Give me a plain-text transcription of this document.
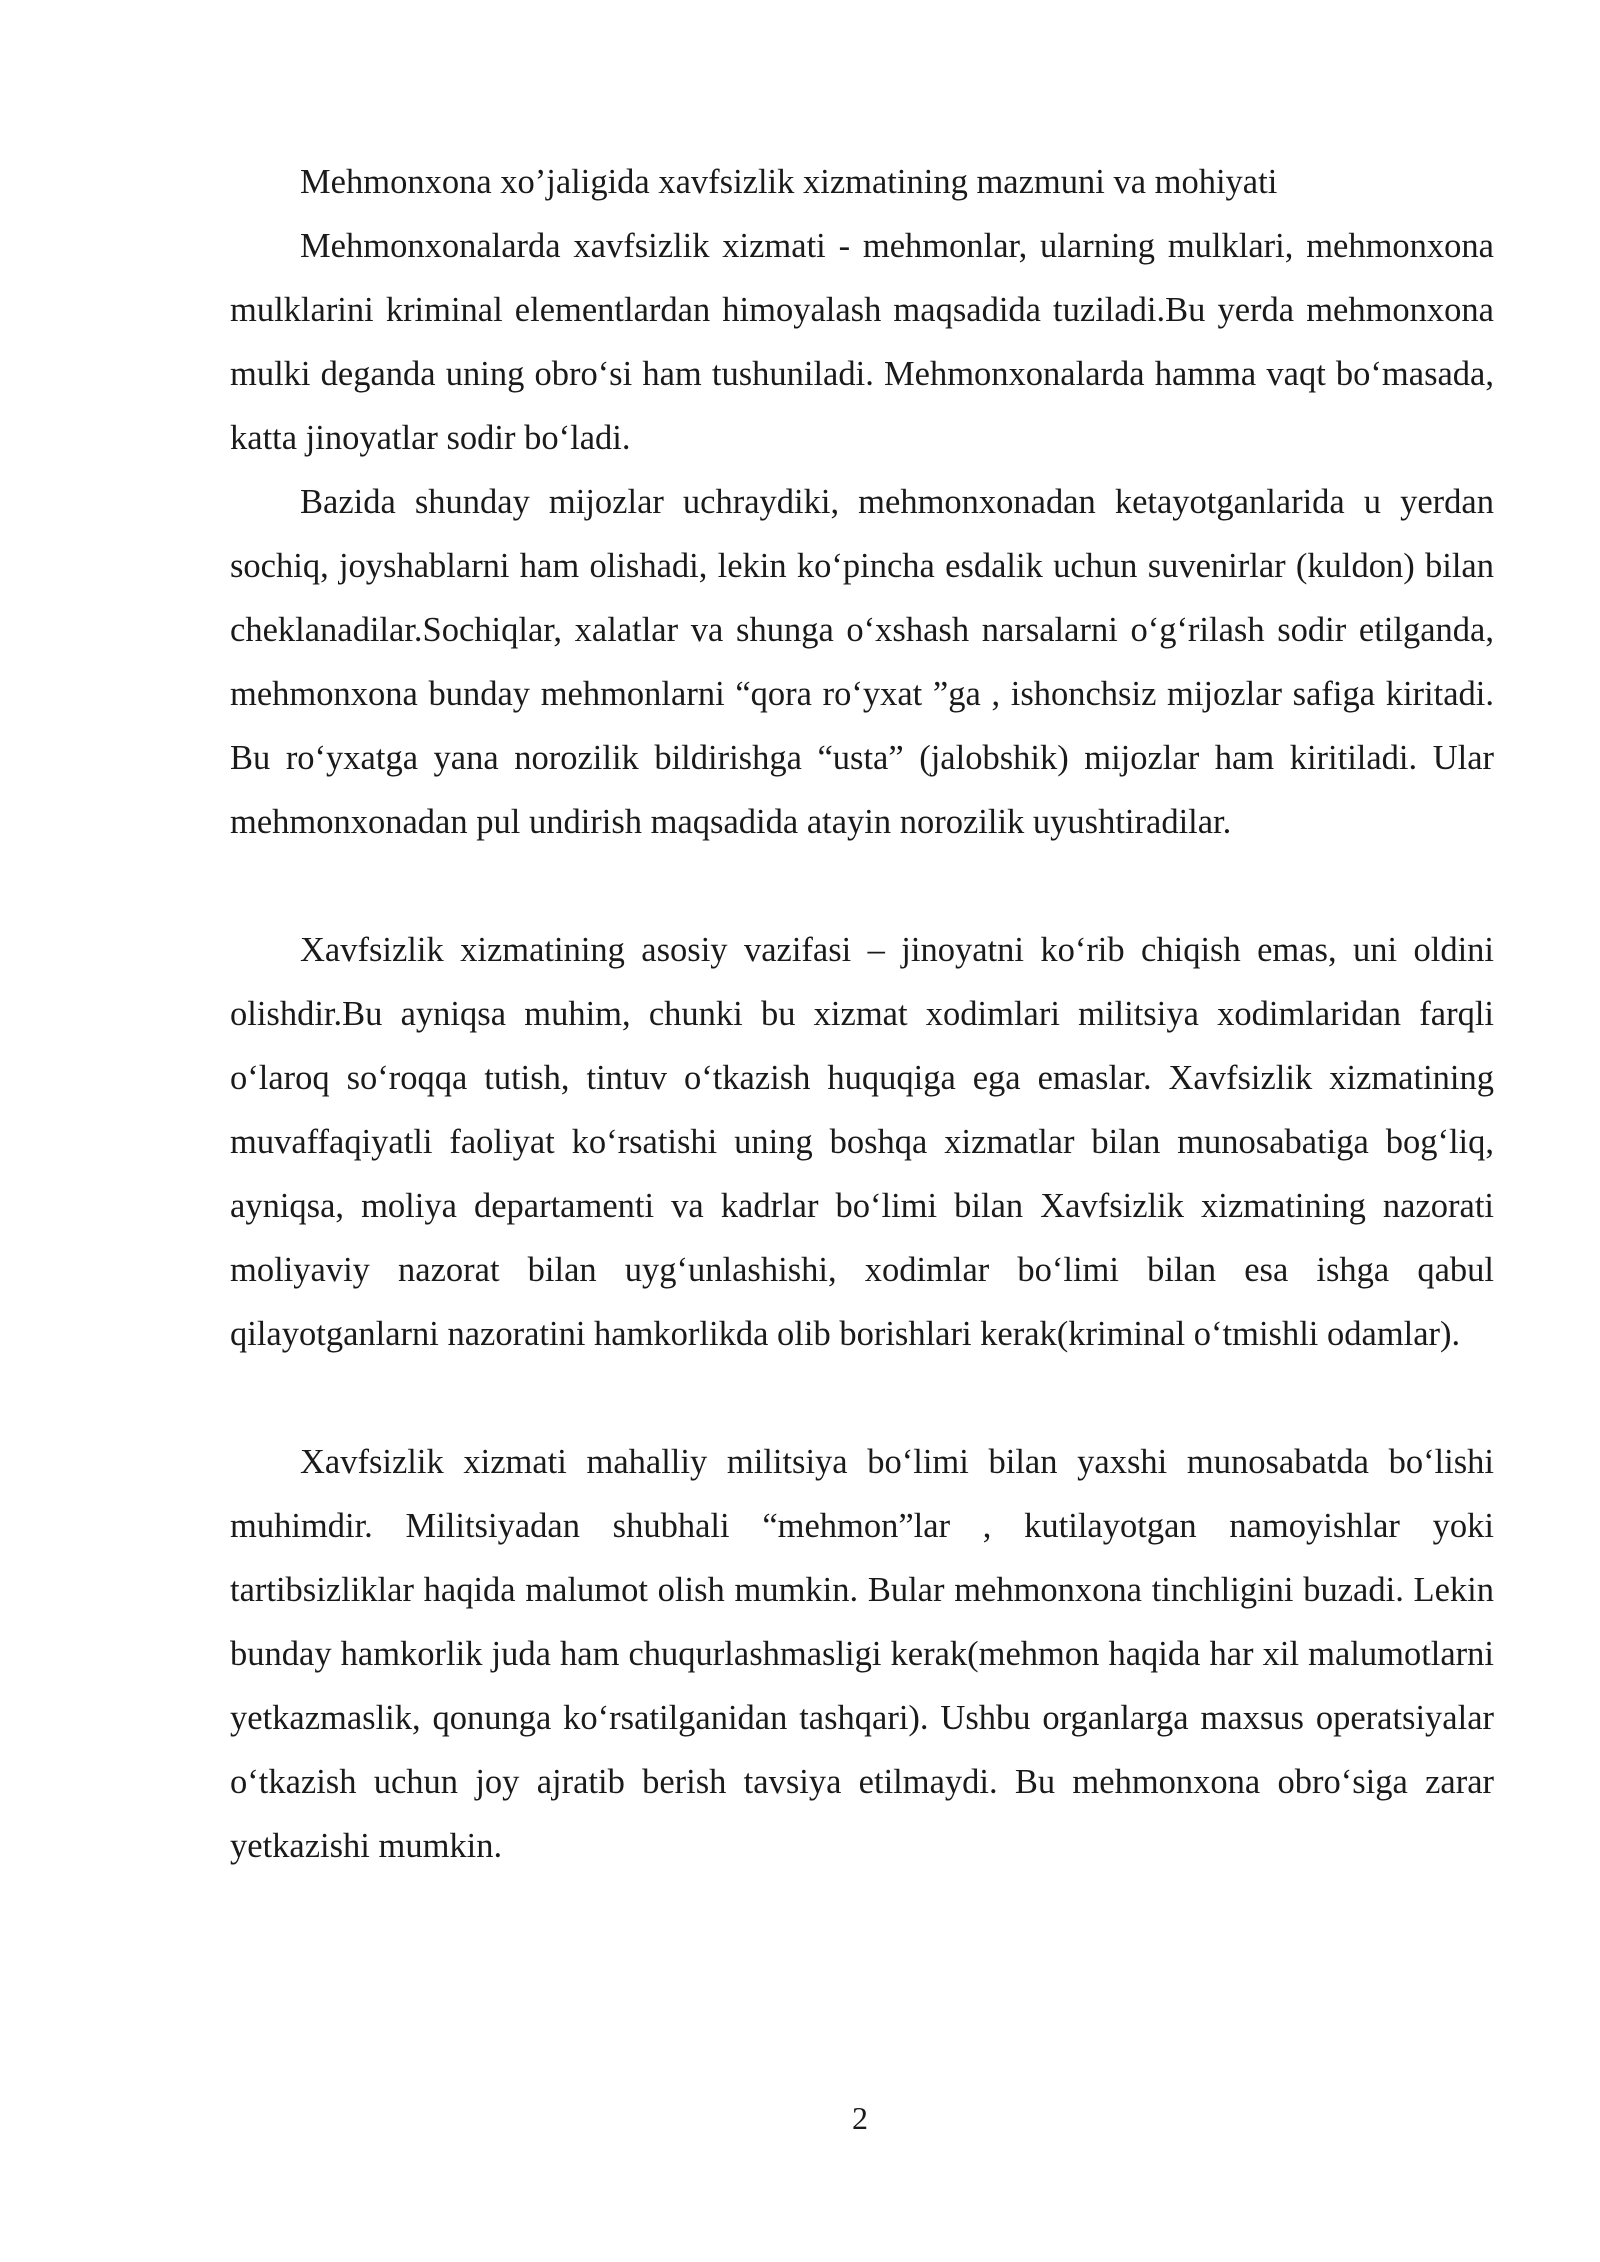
Mehmonxona xo’jaligida xavfsizlik xizmatining mazmuni va mohiyati

Mehmonxonalarda xavfsizlik xizmati - mehmonlar, ularning mulklari, mehmonxona mulklarini kriminal elementlardan himoyalash maqsadida tuziladi.Bu yerda mehmonxona mulki deganda uning obro‘si ham tushuniladi. Mehmonxonalarda hamma vaqt bo‘masada, katta jinoyatlar sodir bo‘ladi.

Bazida shunday mijozlar uchraydiki, mehmonxonadan ketayotganlarida u yerdan sochiq, joyshablarni ham olishadi, lekin ko‘pincha esdalik uchun suvenirlar (kuldon) bilan cheklanadilar.Sochiqlar, xalatlar va shunga o‘xshash narsalarni o‘g‘rilash sodir etilganda, mehmonxona bunday mehmonlarni “qora ro‘yxat ”ga , ishonchsiz mijozlar safiga kiritadi. Bu ro‘yxatga yana norozilik bildirishga “usta” (jalobshik) mijozlar ham kiritiladi. Ular mehmonxonadan pul undirish maqsadida atayin norozilik uyushtiradilar.

Xavfsizlik xizmatining asosiy vazifasi – jinoyatni ko‘rib chiqish emas, uni oldini olishdir.Bu ayniqsa muhim, chunki bu xizmat xodimlari militsiya xodimlaridan farqli o‘laroq so‘roqqa tutish, tintuv o‘tkazish huquqiga ega emaslar. Xavfsizlik xizmatining muvaffaqiyatli faoliyat ko‘rsatishi uning boshqa xizmatlar bilan munosabatiga bog‘liq, ayniqsa, moliya departamenti va kadrlar bo‘limi bilan Xavfsizlik xizmatining nazorati moliyaviy nazorat bilan uyg‘unlashishi, xodimlar bo‘limi bilan esa ishga qabul qilayotganlarni nazoratini hamkorlikda olib borishlari kerak(kriminal o‘tmishli odamlar).

Xavfsizlik xizmati mahalliy militsiya bo‘limi bilan yaxshi munosabatda bo‘lishi muhimdir. Militsiyadan shubhali “mehmon”lar , kutilayotgan namoyishlar yoki tartibsizliklar haqida malumot olish mumkin. Bular mehmonxona tinchligini buzadi. Lekin bunday hamkorlik juda ham chuqurlashmasligi kerak(mehmon haqida har xil malumotlarni yetkazmaslik, qonunga ko‘rsatilganidan tashqari). Ushbu organlarga maxsus operatsiyalar o‘tkazish uchun joy ajratib berish tavsiya etilmaydi. Bu mehmonxona obro‘siga zarar yetkazishi mumkin.

2
